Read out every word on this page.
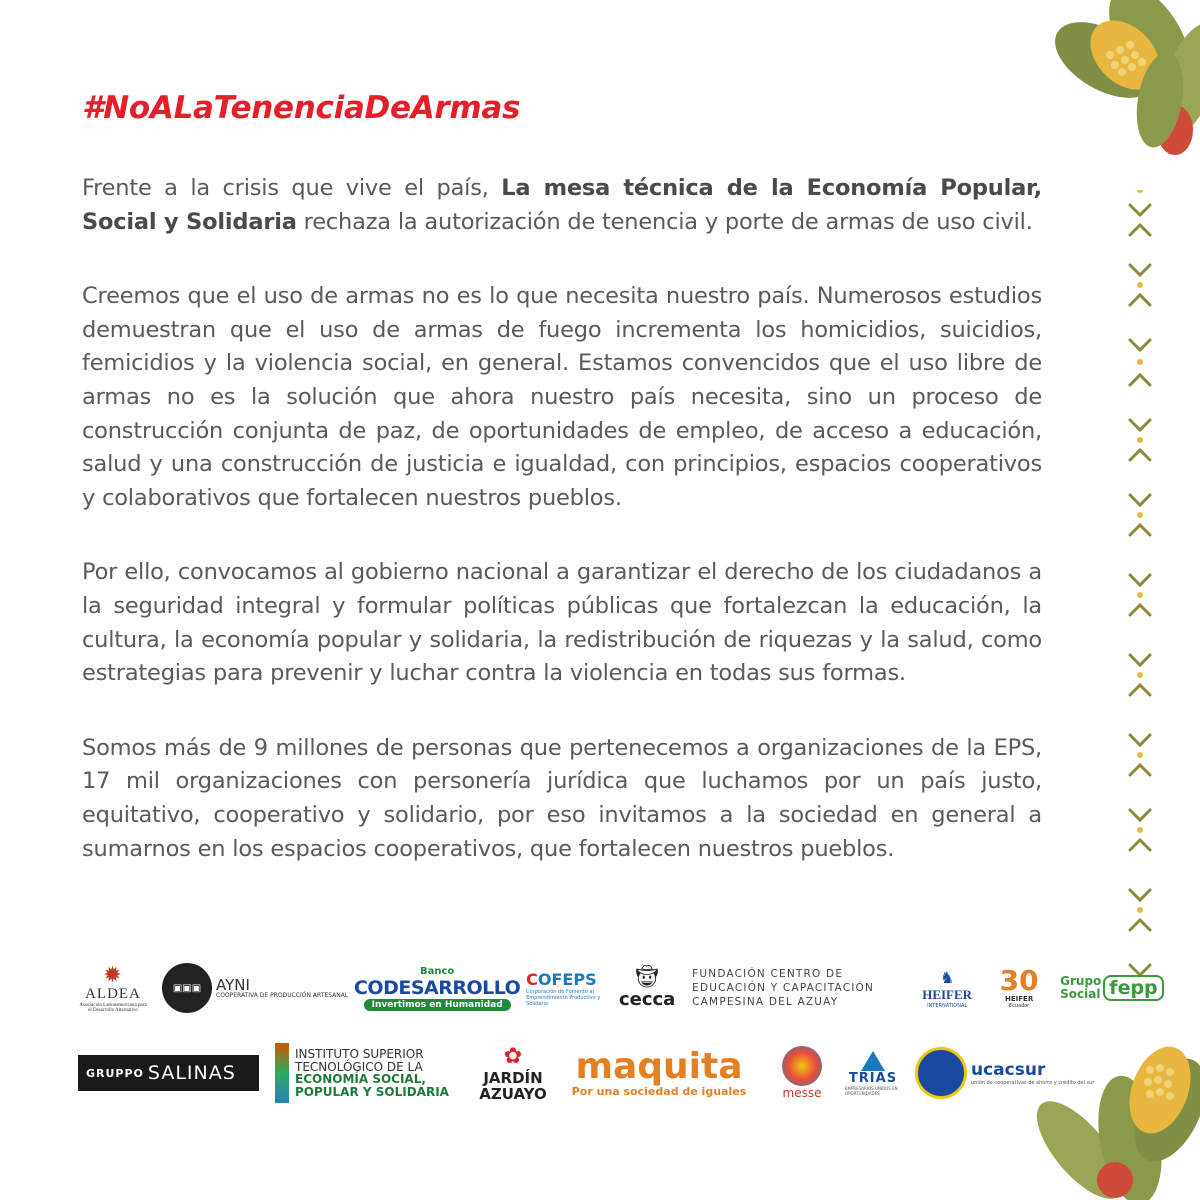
#NoALaTenenciaDeArmas

Frente a la crisis que vive el país, La mesa técnica de la Economía Popular, Social y Solidaria rechaza la autorización de tenencia y porte de armas de uso civil.

Creemos que el uso de armas no es lo que necesita nuestro país. Numerosos estudios demuestran que el uso de armas de fuego incrementa los homicidios, suicidios, femicidios y la violencia social, en general. Estamos convencidos que el uso libre de armas no es la solución que ahora nuestro país necesita, sino un proceso de construcción conjunta de paz, de oportunidades de empleo, de acceso a educación, salud y una construcción de justicia e igualdad, con principios, espacios cooperativos y colaborativos que fortalecen nuestros pueblos.

Por ello, convocamos al gobierno nacional a garantizar el derecho de los ciudadanos a la seguridad integral y formular políticas públicas que fortalezcan la educación, la cultura, la economía popular y solidaria, la redistribución de riquezas y la salud, como estrategias para prevenir y luchar contra la violencia en todas sus formas.

Somos más de 9 millones de personas que pertenecemos a organizaciones de la EPS, 17 mil organizaciones con personería jurídica que luchamos por un país justo, equitativo, cooperativo y solidario, por eso invitamos a la sociedad en general a sumarnos en los espacios cooperativos, que fortalecen nuestros pueblos.

✹
ALDEA
Asociación Latinoamericana para el Desarrollo Alternativo
▣▣▣ AYNI
COOPERATIVA DE PRODUCCIÓN ARTESANAL
Banco
CODESARROLLO
Invertimos en Humanidad
COFEPS
Corporación de Fomento al Emprendimiento Productivo y Solidario
🤠︎
cecca
FUNDACIÓN CENTRO DE EDUCACIÓN Y CAPACITACIÓN CAMPESINA DEL AZUAY
♞
HEIFER
INTERNATIONAL
30
HEIFER
Ecuador
Grupo
Social fepp
GRUPPO SALINAS
INSTITUTO SUPERIOR
TECNOLÓGICO DE LA
ECONOMÍA SOCIAL,
POPULAR Y SOLIDARIA
✿
JARDÍN
AZUAYO
maquita
Por una sociedad de iguales	messe
TRIAS
EMPRESARIOS UNIDOS EN OPORTUNIDADES
ucacsur
unión de cooperativas de ahorro y crédito del sur
